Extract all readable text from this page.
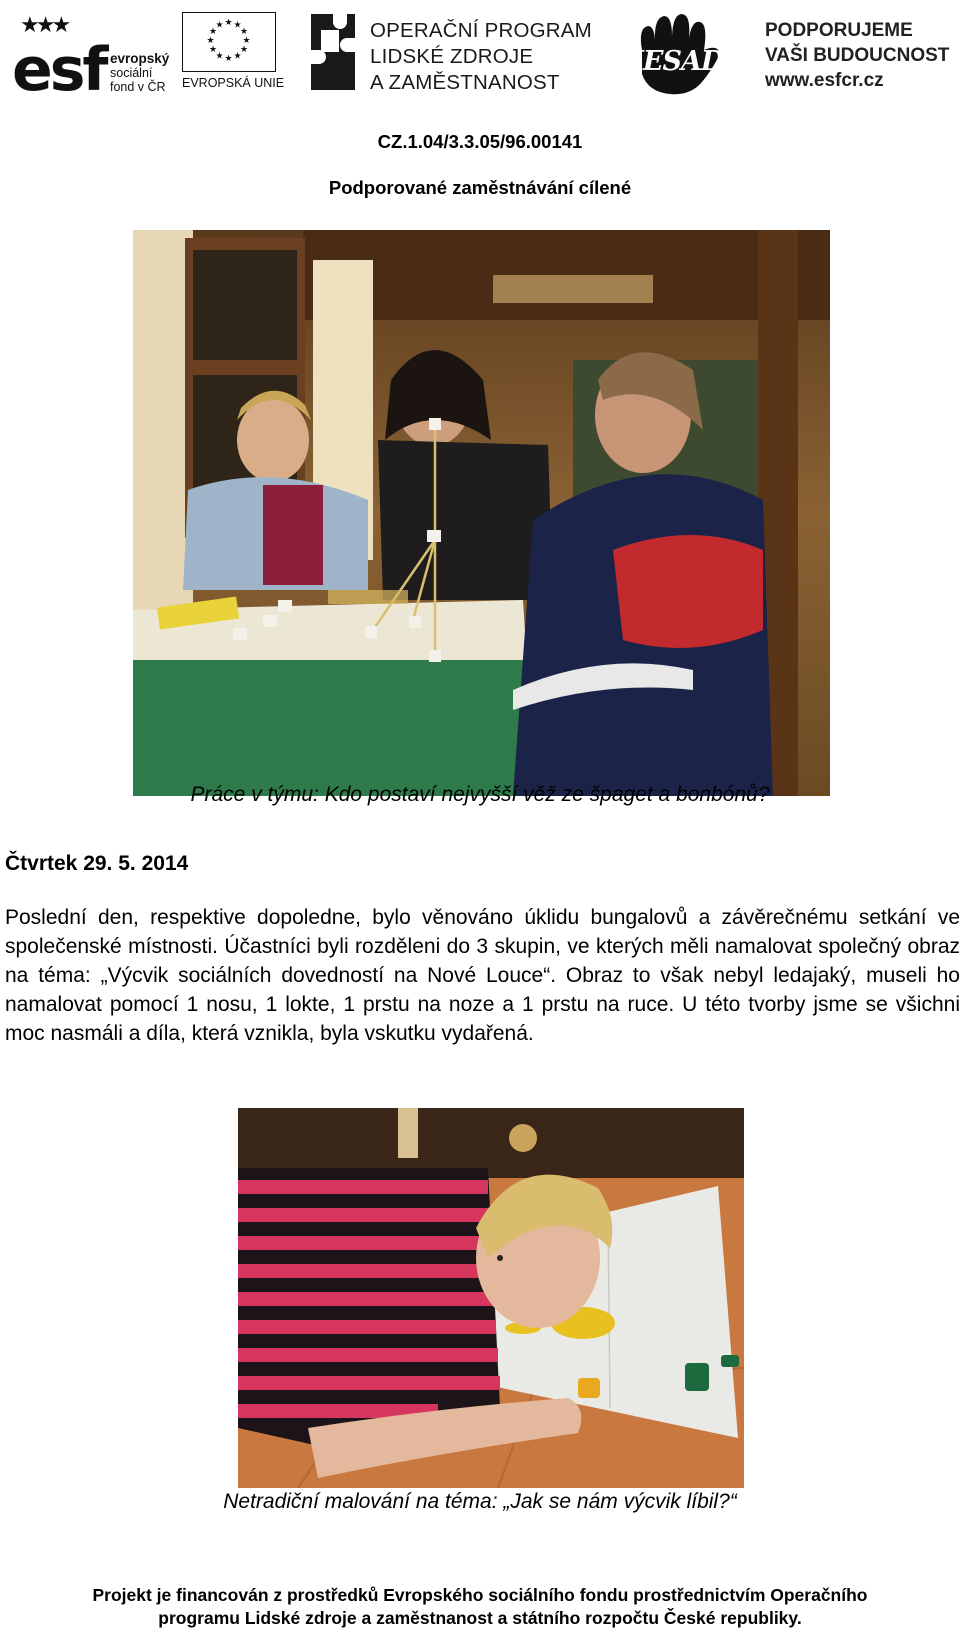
★★★
esf evropský
sociální
fond v ČR
★ ★
★
★
★
★
★
★
★
★
★
★
EVROPSKÁ UNIE
OPERAČNÍ PROGRAM
LIDSKÉ ZDROJE
A ZAMĚSTNANOST
MESADA
PODPORUJEME
VAŠI BUDOUCNOST
www.esfcr.cz
CZ.1.04/3.3.05/96.00141
Podporované zaměstnávání cílené
Práce v týmu: Kdo postaví nejvyšší věž ze špaget a bonbónů?
Čtvrtek 29. 5. 2014
Poslední den, respektive dopoledne, bylo věnováno úklidu bungalovů a závěrečnému setkání ve společenské místnosti. Účastníci byli rozděleni do 3 skupin, ve kterých měli namalovat společný obraz na téma: „Výcvik sociálních dovedností na Nové Louce“. Obraz to však nebyl ledajaký, museli ho namalovat pomocí 1 nosu, 1 lokte, 1 prstu na noze a 1 prstu na ruce. U této tvorby jsme se všichni moc nasmáli a díla, která vznikla, byla vskutku vydařená.
Netradiční malování na téma: „Jak se nám výcvik líbil?“
Projekt je financován z prostředků Evropského sociálního fondu prostřednictvím Operačního
programu Lidské zdroje a zaměstnanost a státního rozpočtu České republiky.
